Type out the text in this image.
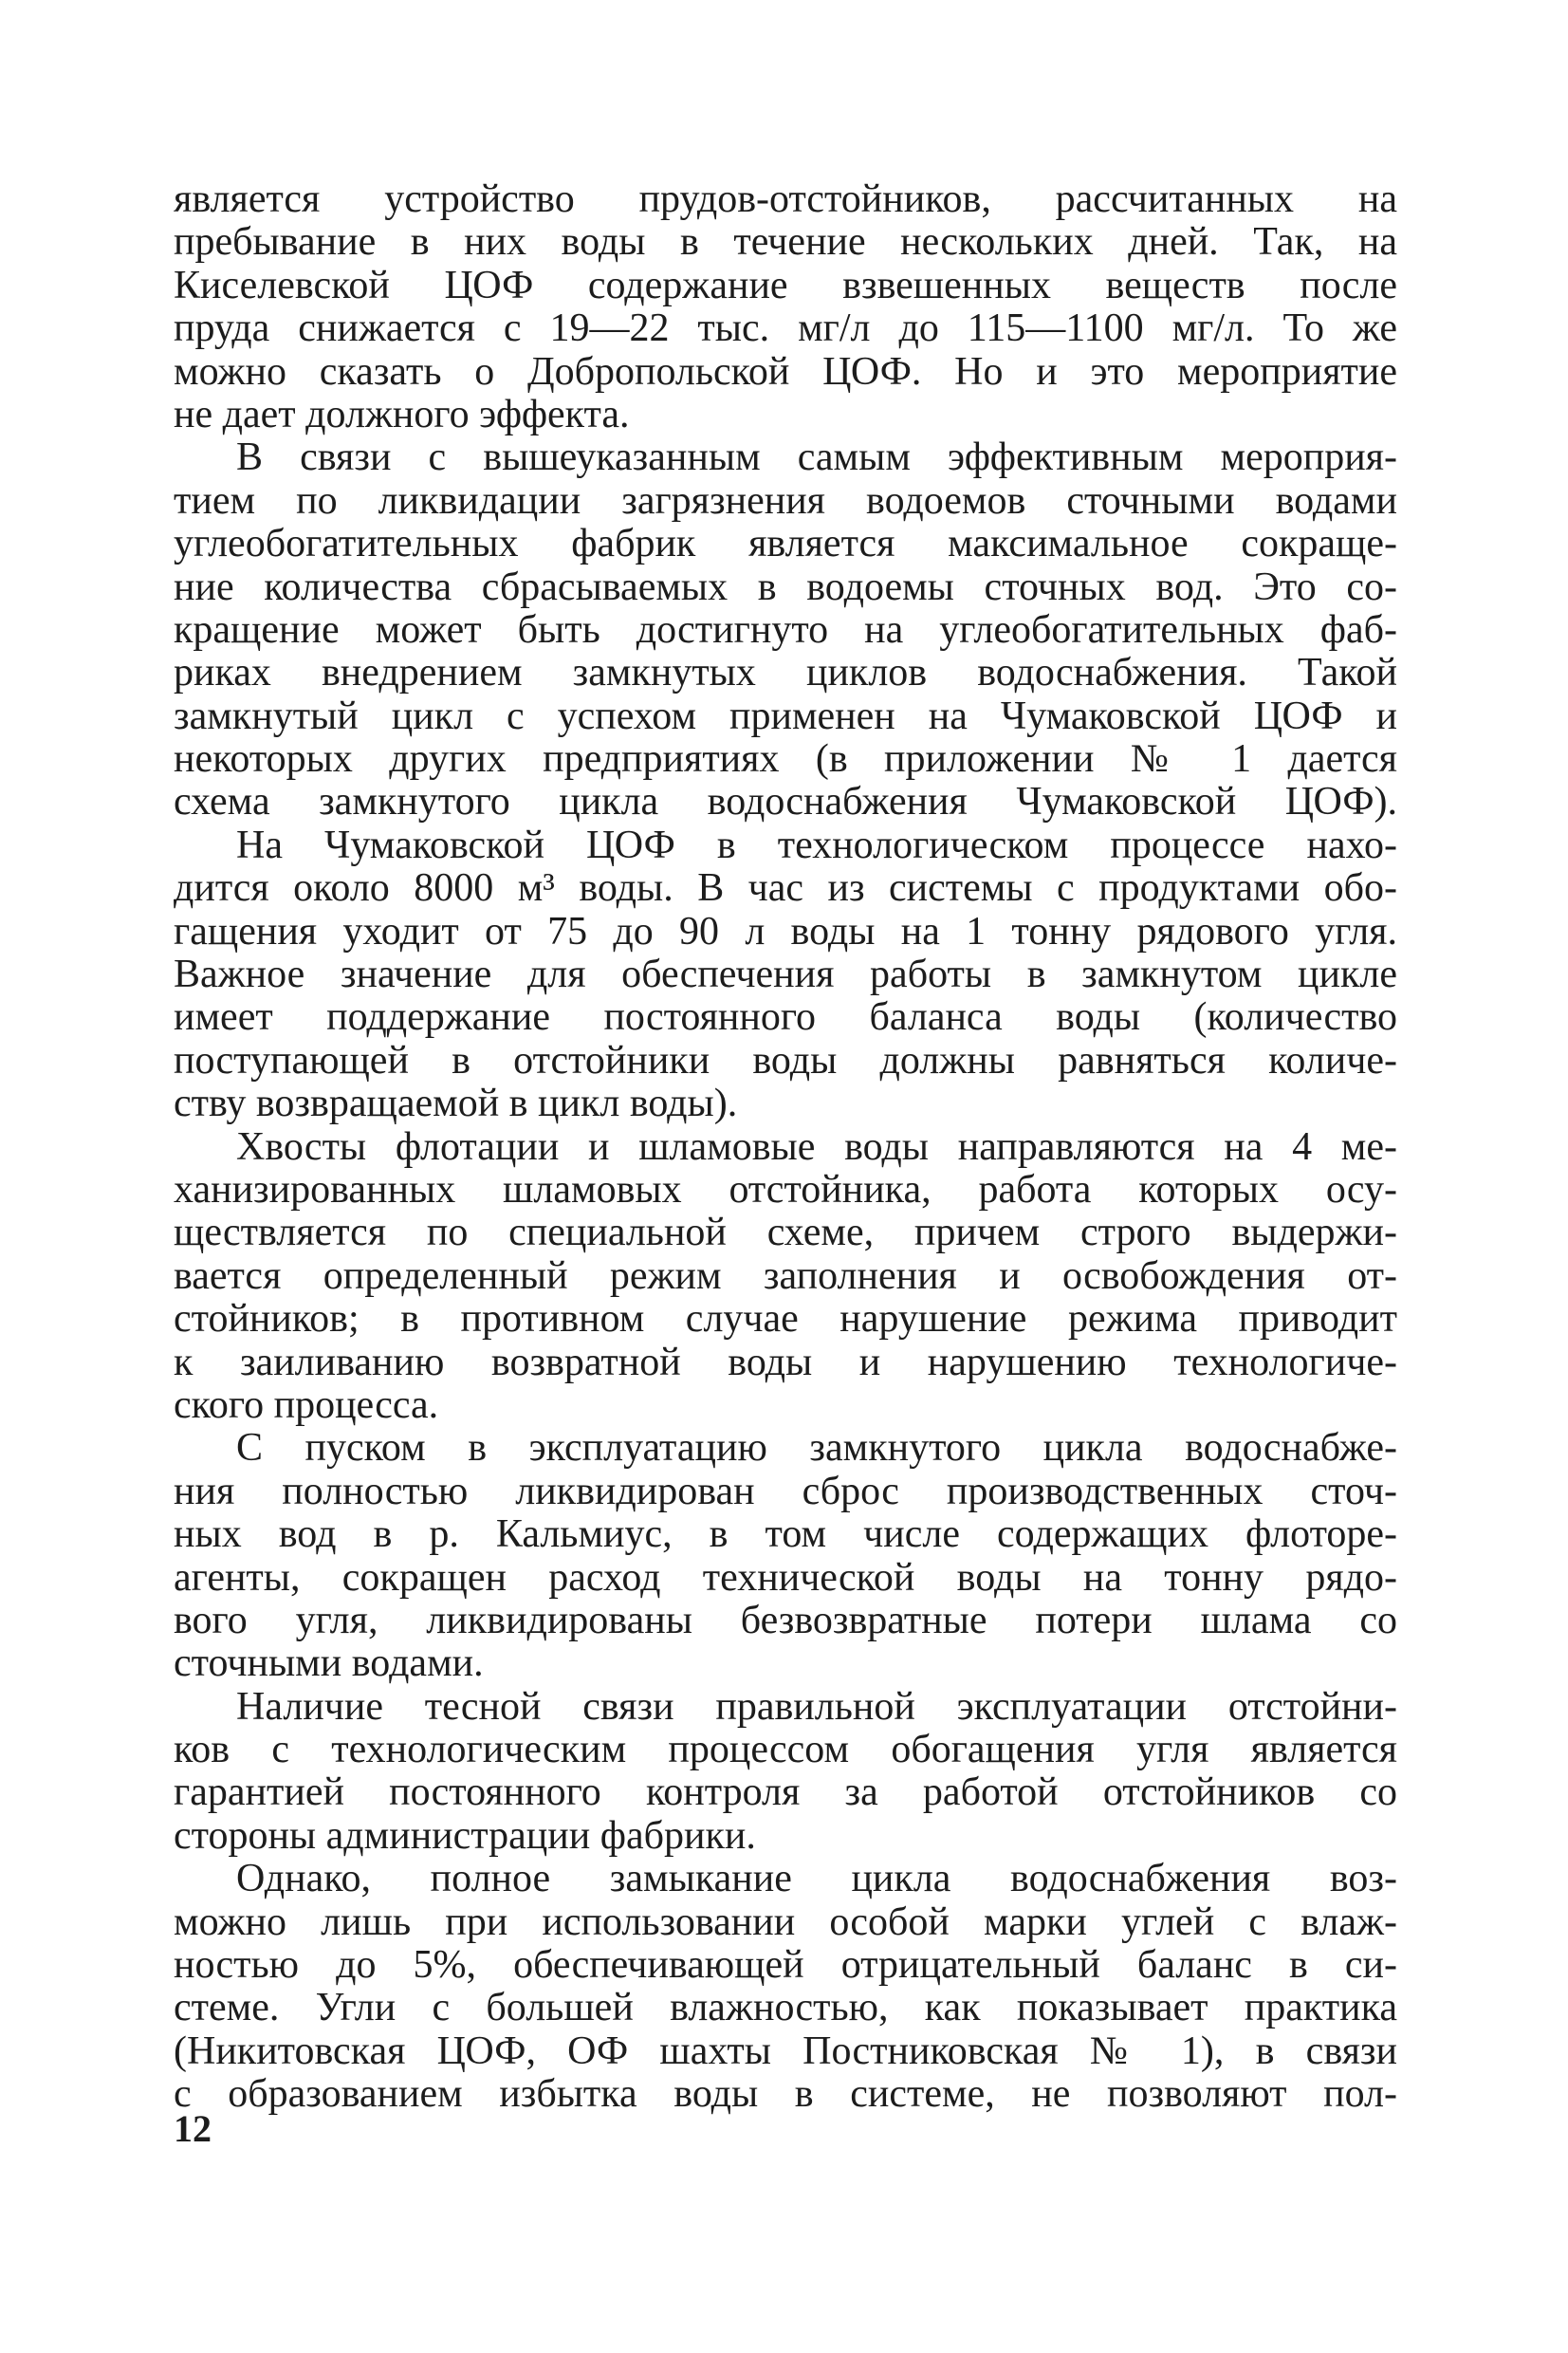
является устройство прудов-отстойников, рассчитанных на
пребывание в них воды в течение нескольких дней. Так, на
Киселевской ЦОФ содержание взвешенных веществ после
пруда снижается с 19—22 тыс. мг/л до 115—1100 мг/л. То же
можно сказать о Добропольской ЦОФ. Но и это мероприятие
не дает должного эффекта.
В связи с вышеуказанным самым эффективным мероприя-
тием по ликвидации загрязнения водоемов сточными водами
углеобогатительных фабрик является максимальное сокраще-
ние количества сбрасываемых в водоемы сточных вод. Это со-
кращение может быть достигнуто на углеобогатительных фаб-
риках внедрением замкнутых циклов водоснабжения. Такой
замкнутый цикл с успехом применен на Чумаковской ЦОФ и
некоторых других предприятиях (в приложении № 1 дается
схема замкнутого цикла водоснабжения Чумаковской ЦОФ).
На Чумаковской ЦОФ в технологическом процессе нахо-
дится около 8000 м³ воды. В час из системы с продуктами обо-
гащения уходит от 75 до 90 л воды на 1 тонну рядового угля.
Важное значение для обеспечения работы в замкнутом цикле
имеет поддержание постоянного баланса воды (количество
поступающей в отстойники воды должны равняться количе-
ству возвращаемой в цикл воды).
Хвосты флотации и шламовые воды направляются на 4 ме-
ханизированных шламовых отстойника, работа которых осу-
ществляется по специальной схеме, причем строго выдержи-
вается определенный режим заполнения и освобождения от-
стойников; в противном случае нарушение режима приводит
к заиливанию возвратной воды и нарушению технологиче-
ского процесса.
С пуском в эксплуатацию замкнутого цикла водоснабже-
ния полностью ликвидирован сброс производственных сточ-
ных вод в р. Кальмиус, в том числе содержащих флоторе-
агенты, сокращен расход технической воды на тонну рядо-
вого угля, ликвидированы безвозвратные потери шлама со
сточными водами.
Наличие тесной связи правильной эксплуатации отстойни-
ков с технологическим процессом обогащения угля является
гарантией постоянного контроля за работой отстойников со
стороны администрации фабрики.
Однако, полное замыкание цикла водоснабжения воз-
можно лишь при использовании особой марки углей с влаж-
ностью до 5%, обеспечивающей отрицательный баланс в си-
стеме. Угли с большей влажностью, как показывает практика
(Никитовская ЦОФ, ОФ шахты Постниковская № 1), в связи
с образованием избытка воды в системе, не позволяют пол-
12
